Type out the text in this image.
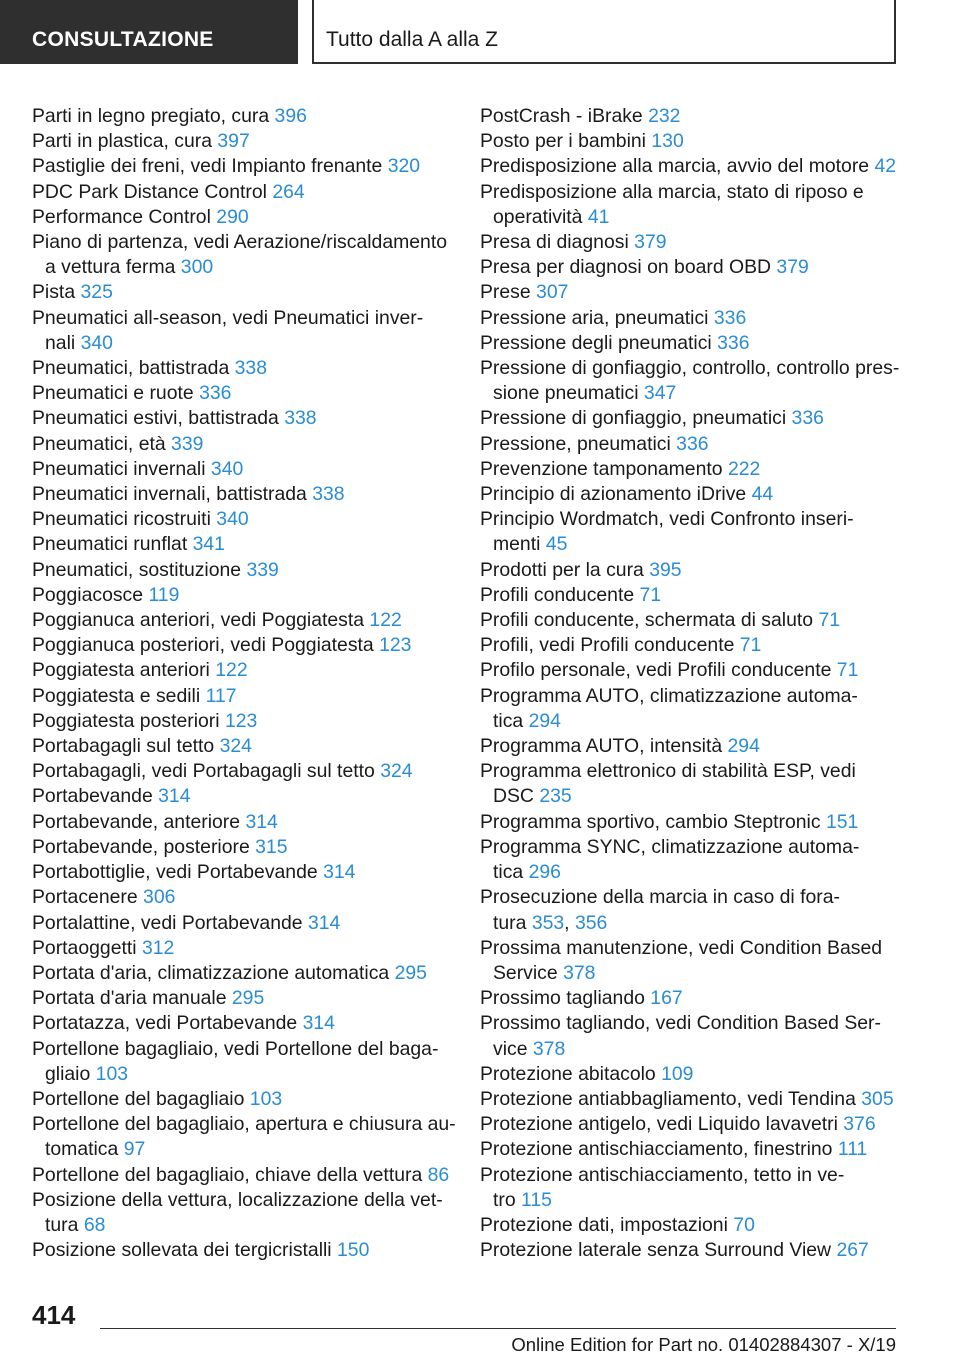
CONSULTAZIONE	Tutto dalla A alla Z
Parti in legno pregiato, cura 396
Parti in plastica, cura 397
Pastiglie dei freni, vedi Impianto frenante 320
PDC Park Distance Control 264
Performance Control 290
Piano di partenza, vedi Aerazione/riscaldamento
a vettura ferma 300
Pista 325
Pneumatici all-season, vedi Pneumatici inver-
nali 340
Pneumatici, battistrada 338
Pneumatici e ruote 336
Pneumatici estivi, battistrada 338
Pneumatici, età 339
Pneumatici invernali 340
Pneumatici invernali, battistrada 338
Pneumatici ricostruiti 340
Pneumatici runflat 341
Pneumatici, sostituzione 339
Poggiacosce 119
Poggianuca anteriori, vedi Poggiatesta 122
Poggianuca posteriori, vedi Poggiatesta 123
Poggiatesta anteriori 122
Poggiatesta e sedili 117
Poggiatesta posteriori 123
Portabagagli sul tetto 324
Portabagagli, vedi Portabagagli sul tetto 324
Portabevande 314
Portabevande, anteriore 314
Portabevande, posteriore 315
Portabottiglie, vedi Portabevande 314
Portacenere 306
Portalattine, vedi Portabevande 314
Portaoggetti 312
Portata d'aria, climatizzazione automatica 295
Portata d'aria manuale 295
Portatazza, vedi Portabevande 314
Portellone bagagliaio, vedi Portellone del baga-
gliaio 103
Portellone del bagagliaio 103
Portellone del bagagliaio, apertura e chiusura au-
tomatica 97
Portellone del bagagliaio, chiave della vettura 86
Posizione della vettura, localizzazione della vet-
tura 68
Posizione sollevata dei tergicristalli 150
PostCrash - iBrake 232
Posto per i bambini 130
Predisposizione alla marcia, avvio del motore 42
Predisposizione alla marcia, stato di riposo e
operatività 41
Presa di diagnosi 379
Presa per diagnosi on board OBD 379
Prese 307
Pressione aria, pneumatici 336
Pressione degli pneumatici 336
Pressione di gonfiaggio, controllo, controllo pres-
sione pneumatici 347
Pressione di gonfiaggio, pneumatici 336
Pressione, pneumatici 336
Prevenzione tamponamento 222
Principio di azionamento iDrive 44
Principio Wordmatch, vedi Confronto inseri-
menti 45
Prodotti per la cura 395
Profili conducente 71
Profili conducente, schermata di saluto 71
Profili, vedi Profili conducente 71
Profilo personale, vedi Profili conducente 71
Programma AUTO, climatizzazione automa-
tica 294
Programma AUTO, intensità 294
Programma elettronico di stabilità ESP, vedi
DSC 235
Programma sportivo, cambio Steptronic 151
Programma SYNC, climatizzazione automa-
tica 296
Prosecuzione della marcia in caso di fora-
tura 353, 356
Prossima manutenzione, vedi Condition Based
Service 378
Prossimo tagliando 167
Prossimo tagliando, vedi Condition Based Ser-
vice 378
Protezione abitacolo 109
Protezione antiabbagliamento, vedi Tendina 305
Protezione antigelo, vedi Liquido lavavetri 376
Protezione antischiacciamento, finestrino 111
Protezione antischiacciamento, tetto in ve-
tro 115
Protezione dati, impostazioni 70
Protezione laterale senza Surround View 267
414
Online Edition for Part no. 01402884307 - X/19
